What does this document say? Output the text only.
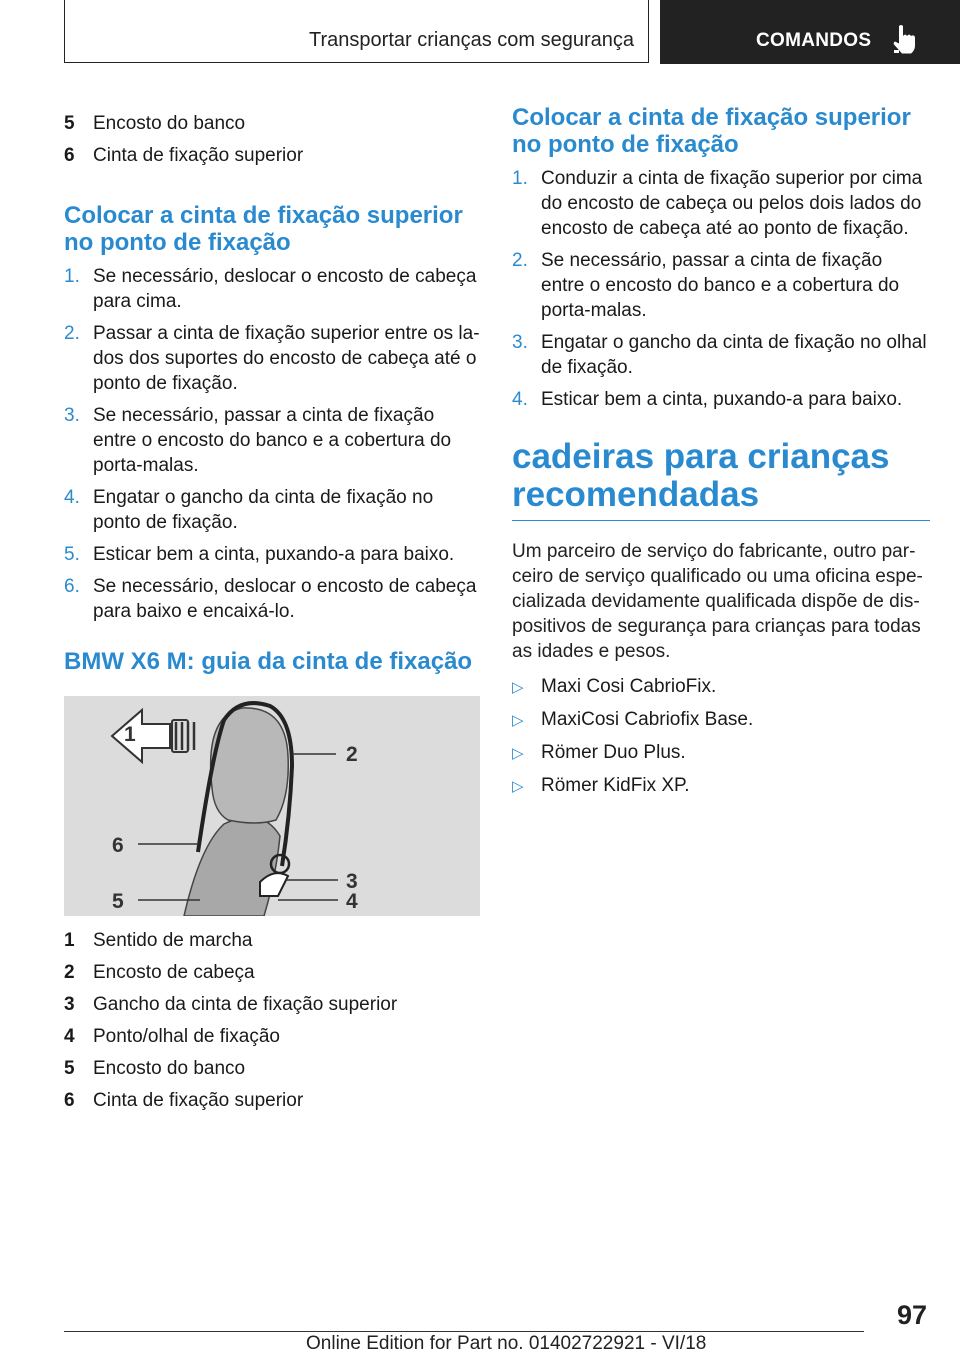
Transportar crianças com segurança	COMANDOS
5 Encosto do banco
6 Cinta de fixação superior
Colocar a cinta de fixação superior no ponto de fixação
1. Se necessário, deslocar o encosto de cabeça para cima.
2. Passar a cinta de fixação superior entre os lados dos suportes do encosto de cabeça até o ponto de fixação.
3. Se necessário, passar a cinta de fixação entre o encosto do banco e a cobertura do porta-malas.
4. Engatar o gancho da cinta de fixação no ponto de fixação.
5. Esticar bem a cinta, puxando-a para baixo.
6. Se necessário, deslocar o encosto de cabeça para baixo e encaixá-lo.
BMW X6 M: guia da cinta de fixação
1
2
3
4
5
6
1 Sentido de marcha
2 Encosto de cabeça
3 Gancho da cinta de fixação superior
4 Ponto/olhal de fixação
5 Encosto do banco
6 Cinta de fixação superior
Colocar a cinta de fixação superior no ponto de fixação
1. Conduzir a cinta de fixação superior por cima do encosto de cabeça ou pelos dois lados do encosto de cabeça até ao ponto de fixação.
2. Se necessário, passar a cinta de fixação entre o encosto do banco e a cobertura do porta-malas.
3. Engatar o gancho da cinta de fixação no olhal de fixação.
4. Esticar bem a cinta, puxando-a para baixo.
cadeiras para crianças recomendadas

Um parceiro de serviço do fabricante, outro parceiro de serviço qualificado ou uma oficina especializada devidamente qualificada dispõe de dispositivos de segurança para crianças para todas as idades e pesos.

▷ Maxi Cosi CabrioFix.
▷ MaxiCosi Cabriofix Base.
▷ Römer Duo Plus.
▷ Römer KidFix XP.
97
Online Edition for Part no. 01402722921 - VI/18
